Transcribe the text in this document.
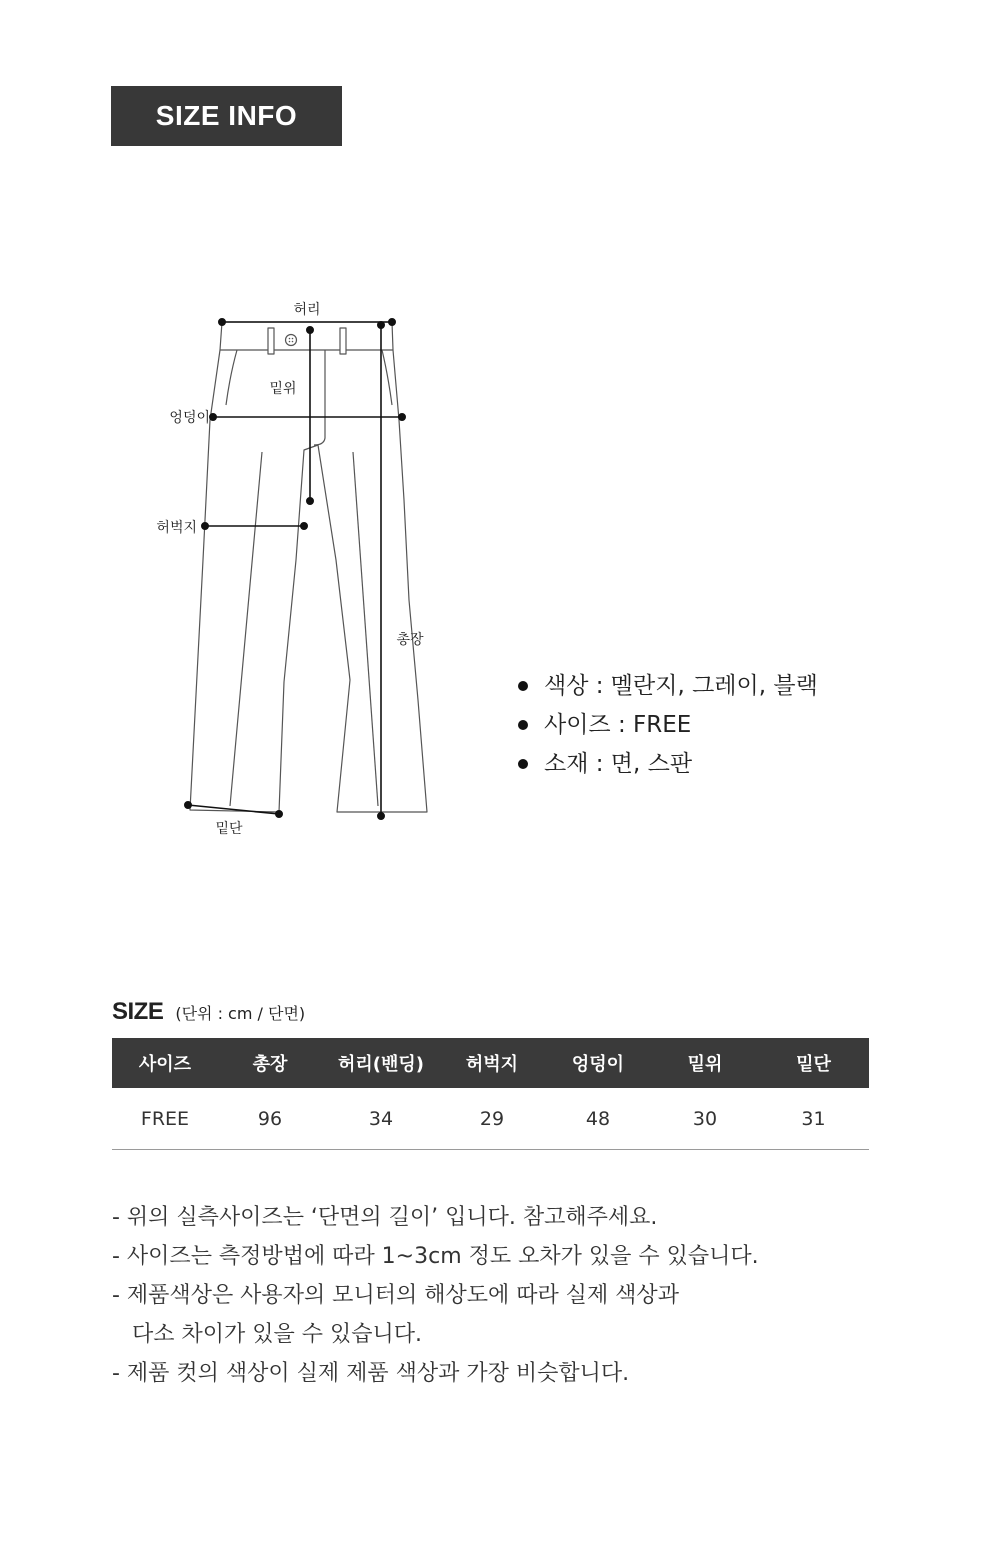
SIZE INFO
허리
밑위
엉덩이
허벅지
총장
밑단
색상 : 멜란지, 그레이, 블랙
사이즈 : FREE
소재 : 면, 스판
SIZE (단위 : cm / 단면)
사이즈	총장	허리(밴딩)	허벅지	엉덩이	밑위	밑단
FREE	96	34	29	48	30	31
- 위의 실측사이즈는 ‘단면의 길이’ 입니다. 참고해주세요.
- 사이즈는 측정방법에 따라 1~3cm 정도 오차가 있을 수 있습니다.
- 제품색상은 사용자의 모니터의 해상도에 따라 실제 색상과
다소 차이가 있을 수 있습니다.
- 제품 컷의 색상이 실제 제품 색상과 가장 비슷합니다.
